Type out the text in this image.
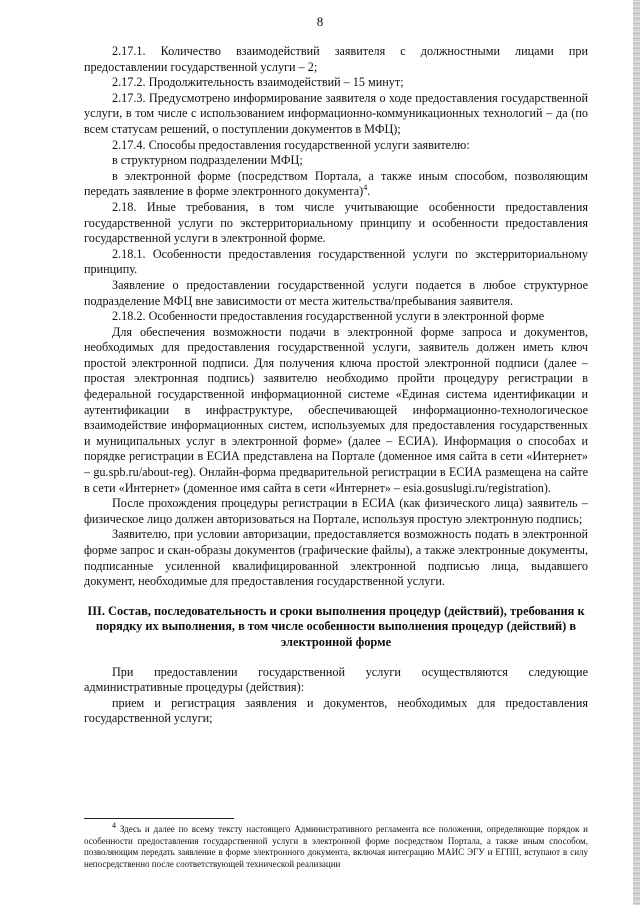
8

2.17.1. Количество взаимодействий заявителя с должностными лицами при предоставлении государственной услуги – 2;

2.17.2. Продолжительность взаимодействий – 15 минут;

2.17.3. Предусмотрено информирование заявителя о ходе предоставления государственной услуги, в том числе с использованием информационно-коммуникационных технологий – да (по всем статусам решений, о поступлении документов в МФЦ);

2.17.4. Способы предоставления государственной услуги заявителю:

в структурном подразделении МФЦ;

в электронной форме (посредством Портала, а также иным способом, позволяющим передать заявление в форме электронного документа)$^4$.

2.18. Иные требования, в том числе учитывающие особенности предоставления государственной услуги по экстерриториальному принципу и особенности предоставления государственной услуги в электронной форме.

2.18.1. Особенности предоставления государственной услуги по экстерриториальному принципу.

Заявление о предоставлении государственной услуги подается в любое структурное подразделение МФЦ вне зависимости от места жительства/пребывания заявителя.

2.18.2. Особенности предоставления государственной услуги в электронной форме

Для обеспечения возможности подачи в электронной форме запроса и документов, необходимых для предоставления государственной услуги, заявитель должен иметь ключ простой электронной подписи. Для получения ключа простой электронной подписи (далее – простая электронная подпись) заявителю необходимо пройти процедуру регистрации в федеральной государственной информационной системе «Единая система идентификации и аутентификации в инфраструктуре, обеспечивающей информационно-технологическое взаимодействие информационных систем, используемых для предоставления государственных и муниципальных услуг в электронной форме» (далее – ЕСИА). Информация о способах и порядке регистрации в ЕСИА представлена на Портале (доменное имя сайта в сети «Интернет» – gu.spb.ru/about-reg). Онлайн-форма предварительной регистрации в ЕСИА размещена на сайте в сети «Интернет» (доменное имя сайта в сети «Интернет» – esia.gosuslugi.ru/registration).

После прохождения процедуры регистрации в ЕСИА (как физического лица) заявитель – физическое лицо должен авторизоваться на Портале, используя простую электронную подпись;

Заявителю, при условии авторизации, предоставляется возможность подать в электронной форме запрос и скан-образы документов (графические файлы), а также электронные документы, подписанные усиленной квалифицированной электронной подписью лица, выдавшего документ, необходимые для предоставления государственной услуги.

III. Состав, последовательность и сроки выполнения процедур (действий), требования к порядку их выполнения, в том числе особенности выполнения процедур (действий) в электронной форме

При предоставлении государственной услуги осуществляются следующие административные процедуры (действия):

прием и регистрация заявления и документов, необходимых для предоставления государственной услуги;

$^4$ Здесь и далее по всему тексту настоящего Административного регламента все положения, определяющие порядок и особенности предоставления государственной услуги в электронной форме посредством Портала, а также иным способом, позволяющим передать заявление в форме электронного документа, включая интеграцию МАИС ЭГУ и ЕГПП, вступают в силу непосредственно после соответствующей технической реализации
